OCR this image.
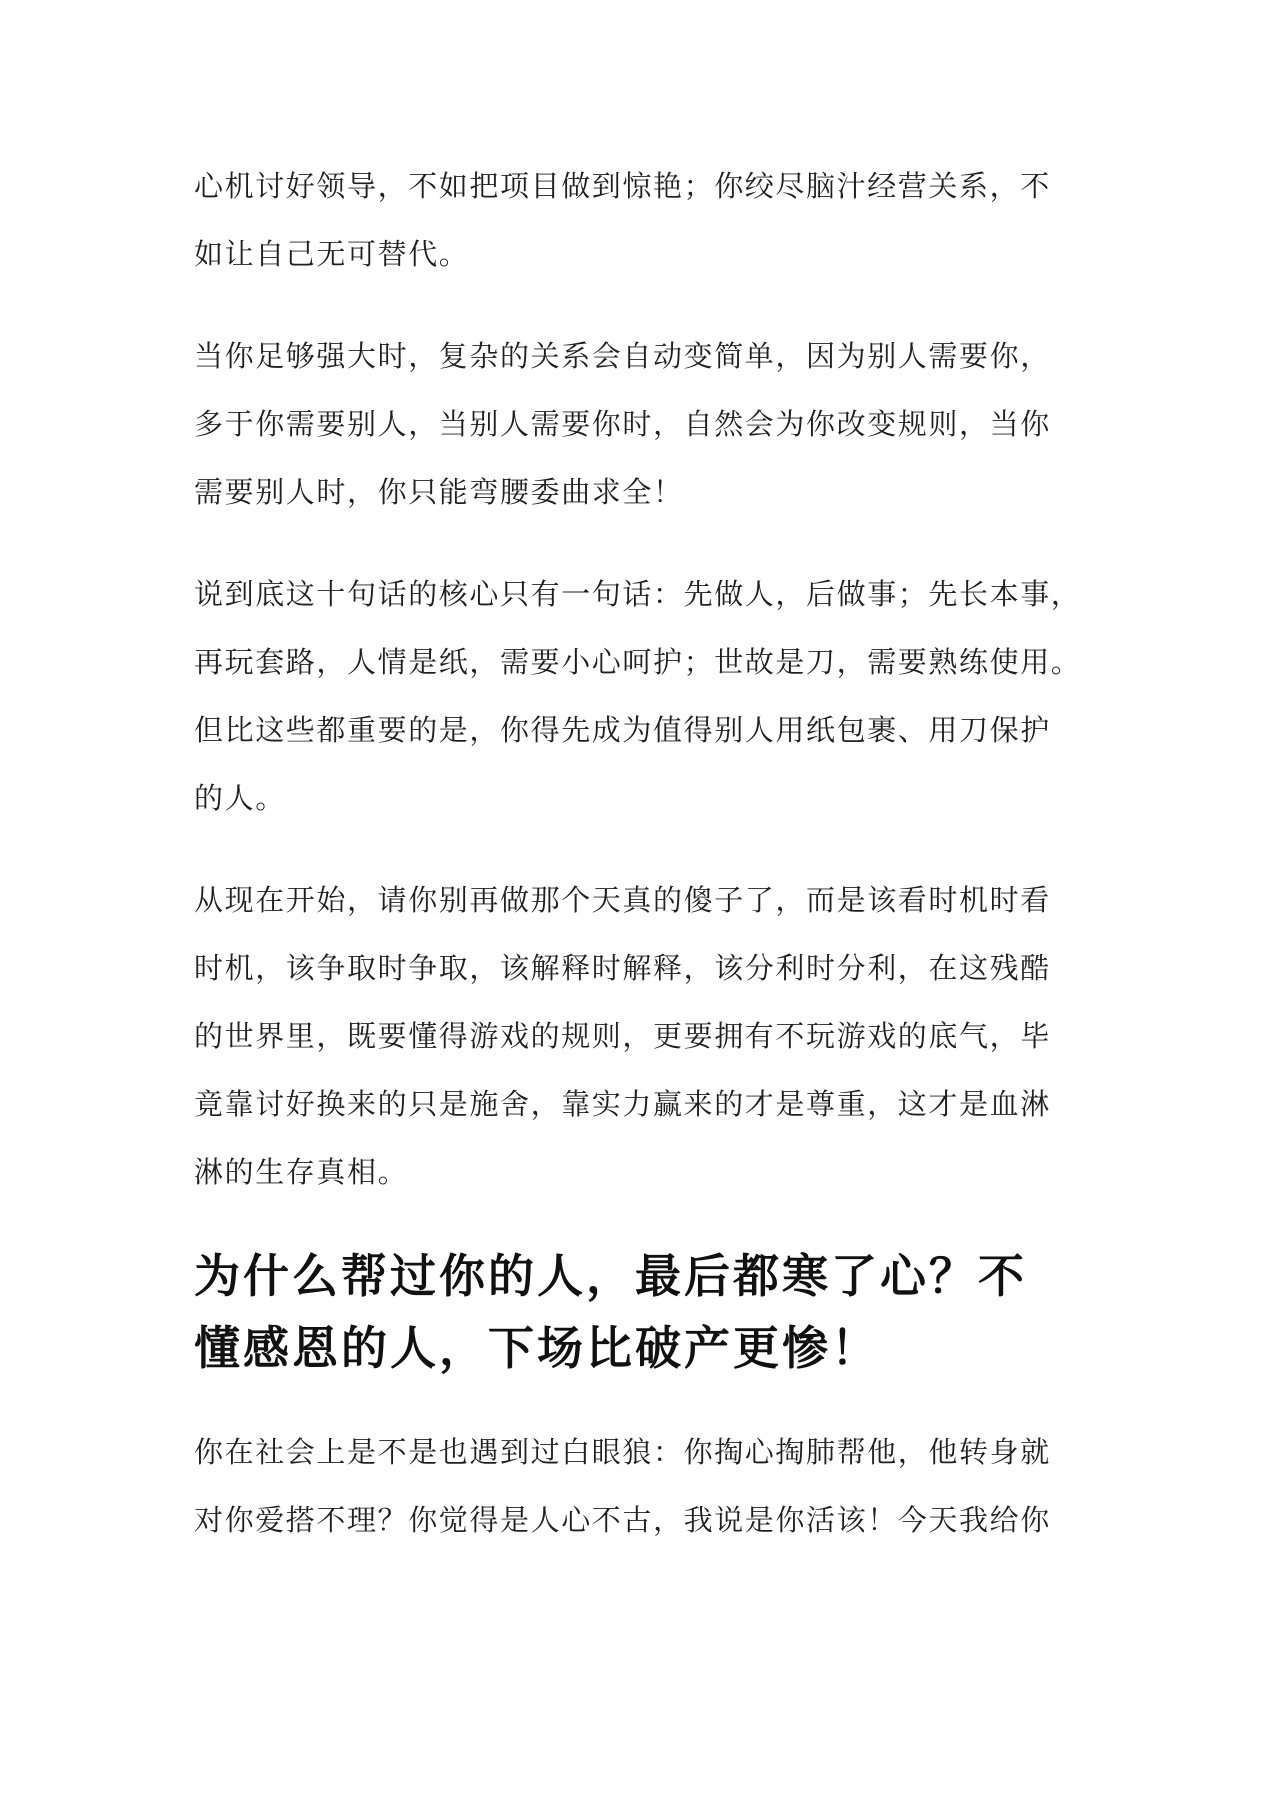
心机讨好领导，不如把项目做到惊艳；你绞尽脑汁经营关系，不
如让自己无可替代。

当你足够强大时，复杂的关系会自动变简单，因为别人需要你，
多于你需要别人，当别人需要你时，自然会为你改变规则，当你
需要别人时，你只能弯腰委曲求全！

说到底这十句话的核心只有一句话：先做人，后做事；先长本事，
再玩套路，人情是纸，需要小心呵护；世故是刀，需要熟练使用。
但比这些都重要的是，你得先成为值得别人用纸包裹、用刀保护
的人。

从现在开始，请你别再做那个天真的傻子了，而是该看时机时看
时机，该争取时争取，该解释时解释，该分利时分利，在这残酷
的世界里，既要懂得游戏的规则，更要拥有不玩游戏的底气，毕
竟靠讨好换来的只是施舍，靠实力赢来的才是尊重，这才是血淋
淋的生存真相。

为什么帮过你的人，最后都寒了心？不
懂感恩的人，下场比破产更惨！

你在社会上是不是也遇到过白眼狼：你掏心掏肺帮他，他转身就
对你爱搭不理？你觉得是人心不古，我说是你活该！今天我给你
